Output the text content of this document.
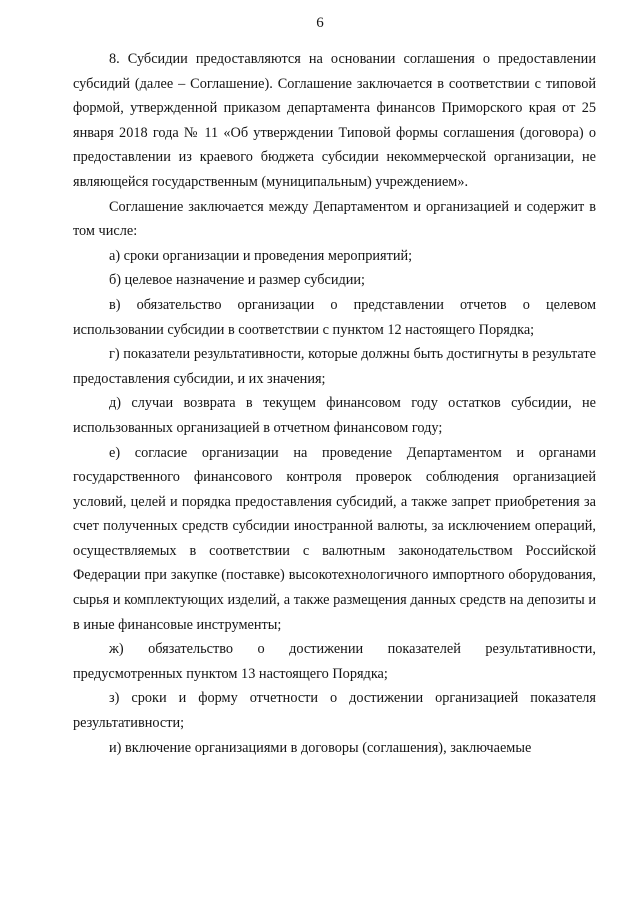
6

8. Субсидии предоставляются на основании соглашения о предоставлении субсидий (далее – Соглашение). Соглашение заключается в соответствии с типовой формой, утвержденной приказом департамента финансов Приморского края от 25 января 2018 года № 11 «Об утверждении Типовой формы соглашения (договора) о предоставлении из краевого бюджета субсидии некоммерческой организации, не являющейся государственным (муниципальным) учреждением».

Соглашение заключается между Департаментом и организацией и содержит в том числе:

а) сроки организации и проведения мероприятий;

б) целевое назначение и размер субсидии;

в) обязательство организации о представлении отчетов о целевом использовании субсидии в соответствии с пунктом 12 настоящего Порядка;

г) показатели результативности, которые должны быть достигнуты в результате предоставления субсидии, и их значения;

д) случаи возврата в текущем финансовом году остатков субсидии, не использованных организацией в отчетном финансовом году;

е) согласие организации на проведение Департаментом и органами государственного финансового контроля проверок соблюдения организацией условий, целей и порядка предоставления субсидий, а также запрет приобретения за счет полученных средств субсидии иностранной валюты, за исключением операций, осуществляемых в соответствии с валютным законодательством Российской Федерации при закупке (поставке) высокотехнологичного импортного оборудования, сырья и комплектующих изделий, а также размещения данных средств на депозиты и в иные финансовые инструменты;

ж) обязательство о достижении показателей результативности, предусмотренных пунктом 13 настоящего Порядка;

з) сроки и форму отчетности о достижении организацией показателя результативности;

и) включение организациями в договоры (соглашения), заключаемые
